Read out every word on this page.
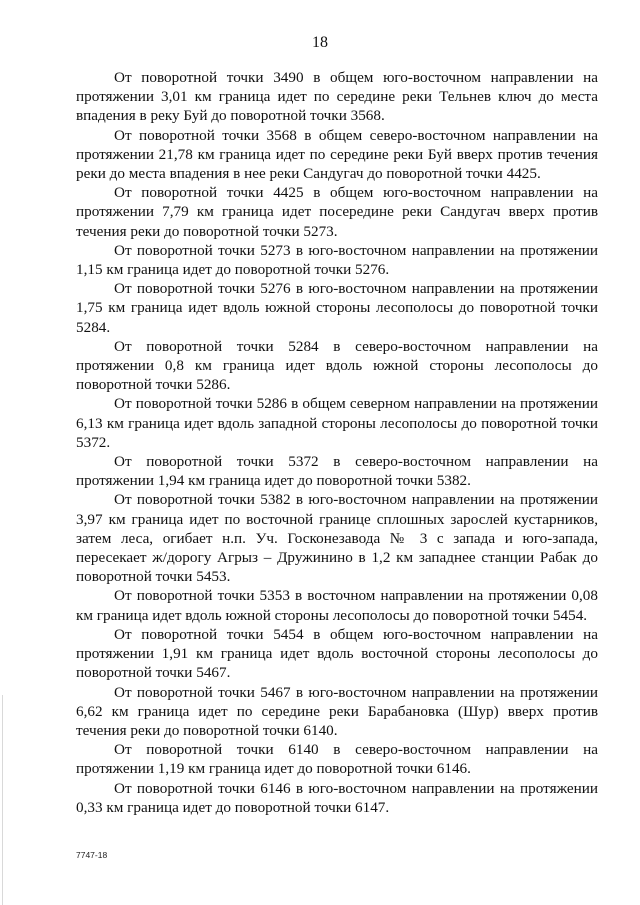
18

От поворотной точки 3490 в общем юго-восточном направлении на протяжении 3,01 км граница идет по середине реки Тельнев ключ до места впадения в реку Буй до поворотной точки 3568.

От поворотной точки 3568 в общем северо-восточном направлении на протяжении 21,78 км граница идет по середине реки Буй вверх против течения реки до места впадения в нее реки Сандугач до поворотной точки 4425.

От поворотной точки 4425 в общем юго-восточном направлении на протяжении 7,79 км граница идет посередине реки Сандугач вверх против течения реки до поворотной точки 5273.

От поворотной точки 5273 в юго-восточном направлении на протяжении 1,15 км граница идет до поворотной точки 5276.

От поворотной точки 5276 в юго-восточном направлении на протяжении 1,75 км граница идет вдоль южной стороны лесополосы до поворотной точки 5284.

От поворотной точки 5284 в северо-восточном направлении на протяжении 0,8 км граница идет вдоль южной стороны лесополосы до поворотной точки 5286.

От поворотной точки 5286 в общем северном направлении на протяжении 6,13 км граница идет вдоль западной стороны лесополосы до поворотной точки 5372.

От поворотной точки 5372 в северо-восточном направлении на протяжении 1,94 км граница идет до поворотной точки 5382.

От поворотной точки 5382 в юго-восточном направлении на протяжении 3,97 км граница идет по восточной границе сплошных зарослей кустарников, затем леса, огибает н.п. Уч. Госконезавода № 3 с запада и юго-запада, пересекает ж/дорогу Агрыз – Дружинино в 1,2 км западнее станции Рабак до поворотной точки 5453.

От поворотной точки 5353 в восточном направлении на протяжении 0,08 км граница идет вдоль южной стороны лесополосы до поворотной точки 5454.

От поворотной точки 5454 в общем юго-восточном направлении на протяжении 1,91 км граница идет вдоль восточной стороны лесополосы до поворотной точки 5467.

От поворотной точки 5467 в юго-восточном направлении на протяжении 6,62 км граница идет по середине реки Барабановка (Шур) вверх против течения реки до поворотной точки 6140.

От поворотной точки 6140 в северо-восточном направлении на протяжении 1,19 км граница идет до поворотной точки 6146.

От поворотной точки 6146 в юго-восточном направлении на протяжении 0,33 км граница идет до поворотной точки 6147.

7747-18
